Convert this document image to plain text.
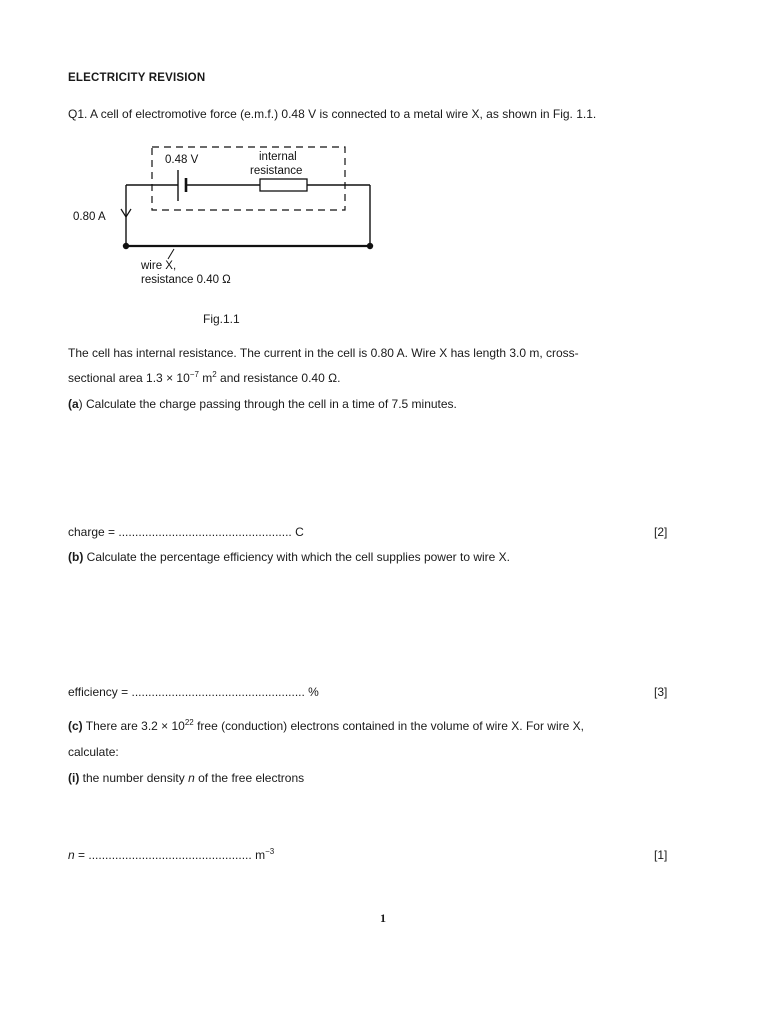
ELECTRICITY REVISION
Q1. A cell of electromotive force (e.m.f.) 0.48 V is connected to a metal wire X, as shown in Fig. 1.1.
0.48 V	internal
resistance
0.80 A
wire X,
resistance 0.40 Ω
Fig.1.1
The cell has internal resistance. The current in the cell is 0.80 A. Wire X has length 3.0 m, cross-
sectional area $1.3 \times 10^{-7}$ $m^2$ and resistance 0.40 Ω.
(a) Calculate the charge passing through the cell in a time of 7.5 minutes.
charge = .................................................... C	[2]
(b) Calculate the percentage efficiency with which the cell supplies power to wire X.
efficiency = .................................................... %	[3]
(c) There are $3.2 \times 10^{22}$ free (conduction) electrons contained in the volume of wire X. For wire X,
calculate:
(i) the number density n of the free electrons
n = ................................................. $m^{-3}$	[1]
1
